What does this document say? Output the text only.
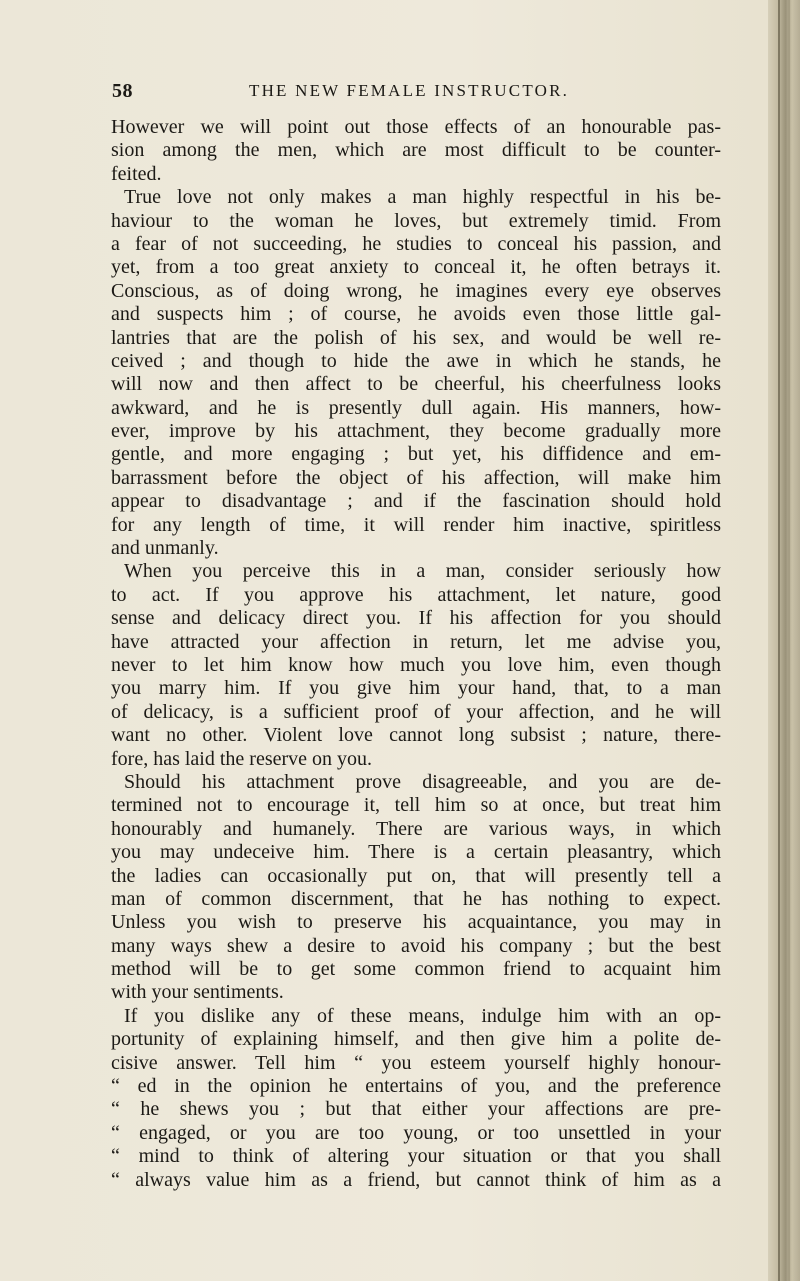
58	THE NEW FEMALE INSTRUCTOR.
However we will point out those effects of an honourable pas-
sion among the men, which are most difficult to be counter-
feited.
True love not only makes a man highly respectful in his be-
haviour to the woman he loves, but extremely timid. From
a fear of not succeeding, he studies to conceal his passion, and
yet, from a too great anxiety to conceal it, he often betrays it.
Conscious, as of doing wrong, he imagines every eye observes
and suspects him ; of course, he avoids even those little gal-
lantries that are the polish of his sex, and would be well re-
ceived ; and though to hide the awe in which he stands, he
will now and then affect to be cheerful, his cheerfulness looks
awkward, and he is presently dull again. His manners, how-
ever, improve by his attachment, they become gradually more
gentle, and more engaging ; but yet, his diffidence and em-
barrassment before the object of his affection, will make him
appear to disadvantage ; and if the fascination should hold
for any length of time, it will render him inactive, spiritless
and unmanly.
When you perceive this in a man, consider seriously how
to act. If you approve his attachment, let nature, good
sense and delicacy direct you. If his affection for you should
have attracted your affection in return, let me advise you,
never to let him know how much you love him, even though
you marry him. If you give him your hand, that, to a man
of delicacy, is a sufficient proof of your affection, and he will
want no other. Violent love cannot long subsist ; nature, there-
fore, has laid the reserve on you.
Should his attachment prove disagreeable, and you are de-
termined not to encourage it, tell him so at once, but treat him
honourably and humanely. There are various ways, in which
you may undeceive him. There is a certain pleasantry, which
the ladies can occasionally put on, that will presently tell a
man of common discernment, that he has nothing to expect.
Unless you wish to preserve his acquaintance, you may in
many ways shew a desire to avoid his company ; but the best
method will be to get some common friend to acquaint him
with your sentiments.
If you dislike any of these means, indulge him with an op-
portunity of explaining himself, and then give him a polite de-
cisive answer. Tell him “ you esteem yourself highly honour-
“ ed in the opinion he entertains of you, and the preference
“ he shews you ; but that either your affections are pre-
“ engaged, or you are too young, or too unsettled in your
“ mind to think of altering your situation or that you shall
“ always value him as a friend, but cannot think of him as a
